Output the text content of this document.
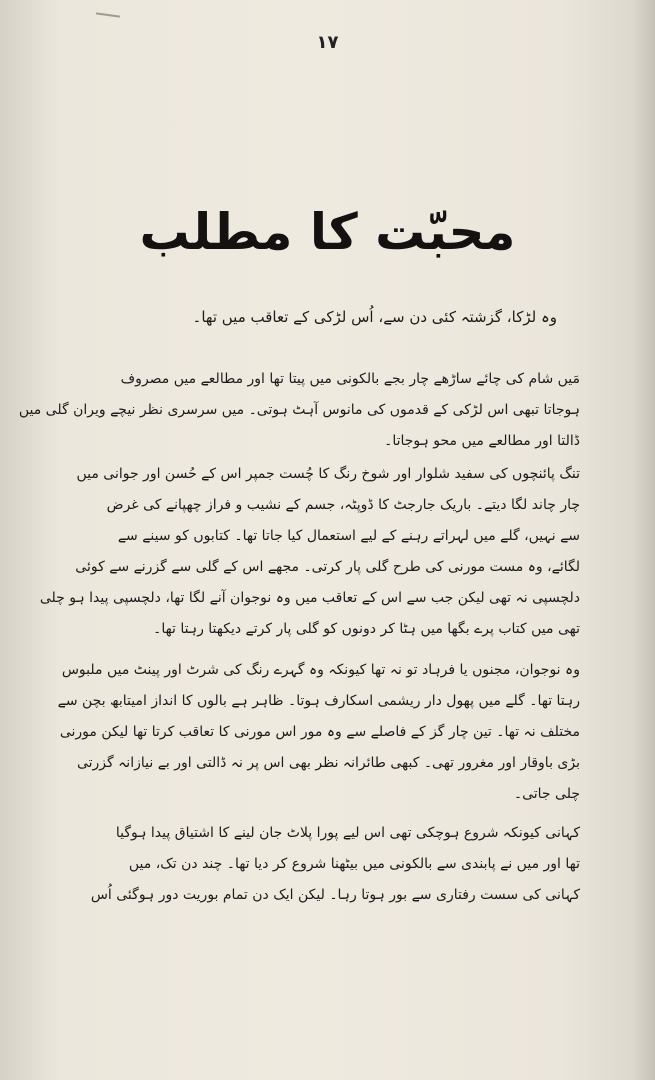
۱۷
محبّت کا مطلب
وہ لڑکا، گزشتہ کئی دن سے، اُس لڑکی کے تعاقب میں تھا۔
مَیں شام کی چائے ساڑھے چار بجے بالکونی میں پیتا تھا اور مطالعے میں مصروف
ہوجاتا تبھی اس لڑکی کے قدموں کی مانوس آہٹ ہوتی۔ میں سرسری نظر نیچے ویران گلی میں
ڈالتا اور مطالعے میں محو ہوجاتا۔
تنگ پائنچوں کی سفید شلوار اور شوخ رنگ کا چُست جمپر اس کے حُسن اور جوانی میں
چار چاند لگا دیتے۔ باریک جارجٹ کا ڈوپٹہ، جسم کے نشیب و فراز چھپانے کی غرض
سے نہیں، گلے میں لہراتے رہنے کے لیے استعمال کیا جاتا تھا۔ کتابوں کو سینے سے
لگائے، وہ مست مورنی کی طرح گلی پار کرتی۔ مجھے اس کے گلی سے گزرنے سے کوئی
دلچسپی نہ تھی لیکن جب سے اس کے تعاقب میں وہ نوجوان آنے لگا تھا، دلچسپی پیدا ہو چلی
تھی میں کتاب پرے بگھا میں ہٹا کر دونوں کو گلی پار کرتے دیکھتا رہتا تھا۔
وہ نوجوان، مجنوں یا فرہاد تو نہ تھا کیونکہ وہ گہرے رنگ کی شرٹ اور پینٹ میں ملبوس
رہتا تھا۔ گلے میں پھول دار ریشمی اسکارف ہوتا۔ ظاہر ہے بالوں کا انداز امیتابھ بچن سے
مختلف نہ تھا۔ تین چار گز کے فاصلے سے وہ مور اس مورنی کا تعاقب کرتا تھا لیکن مورنی
بڑی باوقار اور مغرور تھی۔ کبھی طائرانہ نظر بھی اس پر نہ ڈالتی اور بے نیازانہ گزرتی
چلی جاتی۔
کہانی کیونکہ شروع ہوچکی تھی اس لیے پورا پلاٹ جان لینے کا اشتیاق پیدا ہوگیا
تھا اور میں نے پابندی سے بالکونی میں بیٹھنا شروع کر دیا تھا۔ چند دن تک، میں
کہانی کی سست رفتاری سے بور ہوتا رہا۔ لیکن ایک دن تمام بوریت دور ہوگئی اُس
